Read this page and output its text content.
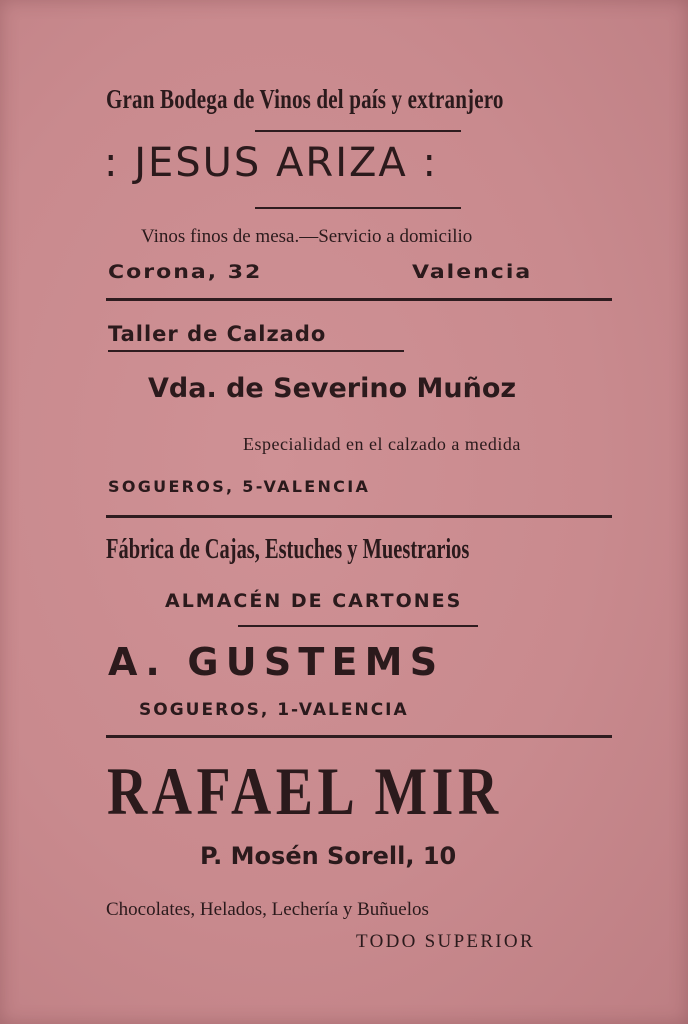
Gran Bodega de Vinos del país y extranjero
: JESUS ARIZA :
Vinos finos de mesa.—Servicio a domicilio
Corona, 32	Valencia
Taller de Calzado
Vda. de Severino Muñoz
Especialidad en el calzado a medida
SOGUEROS, 5-VALENCIA
Fábrica de Cajas, Estuches y Muestrarios
ALMACÉN DE CARTONES
A. GUSTEMS
SOGUEROS, 1-VALENCIA
RAFAEL MIR
P. Mosén Sorell, 10
Chocolates, Helados, Lechería y Buñuelos
TODO SUPERIOR
